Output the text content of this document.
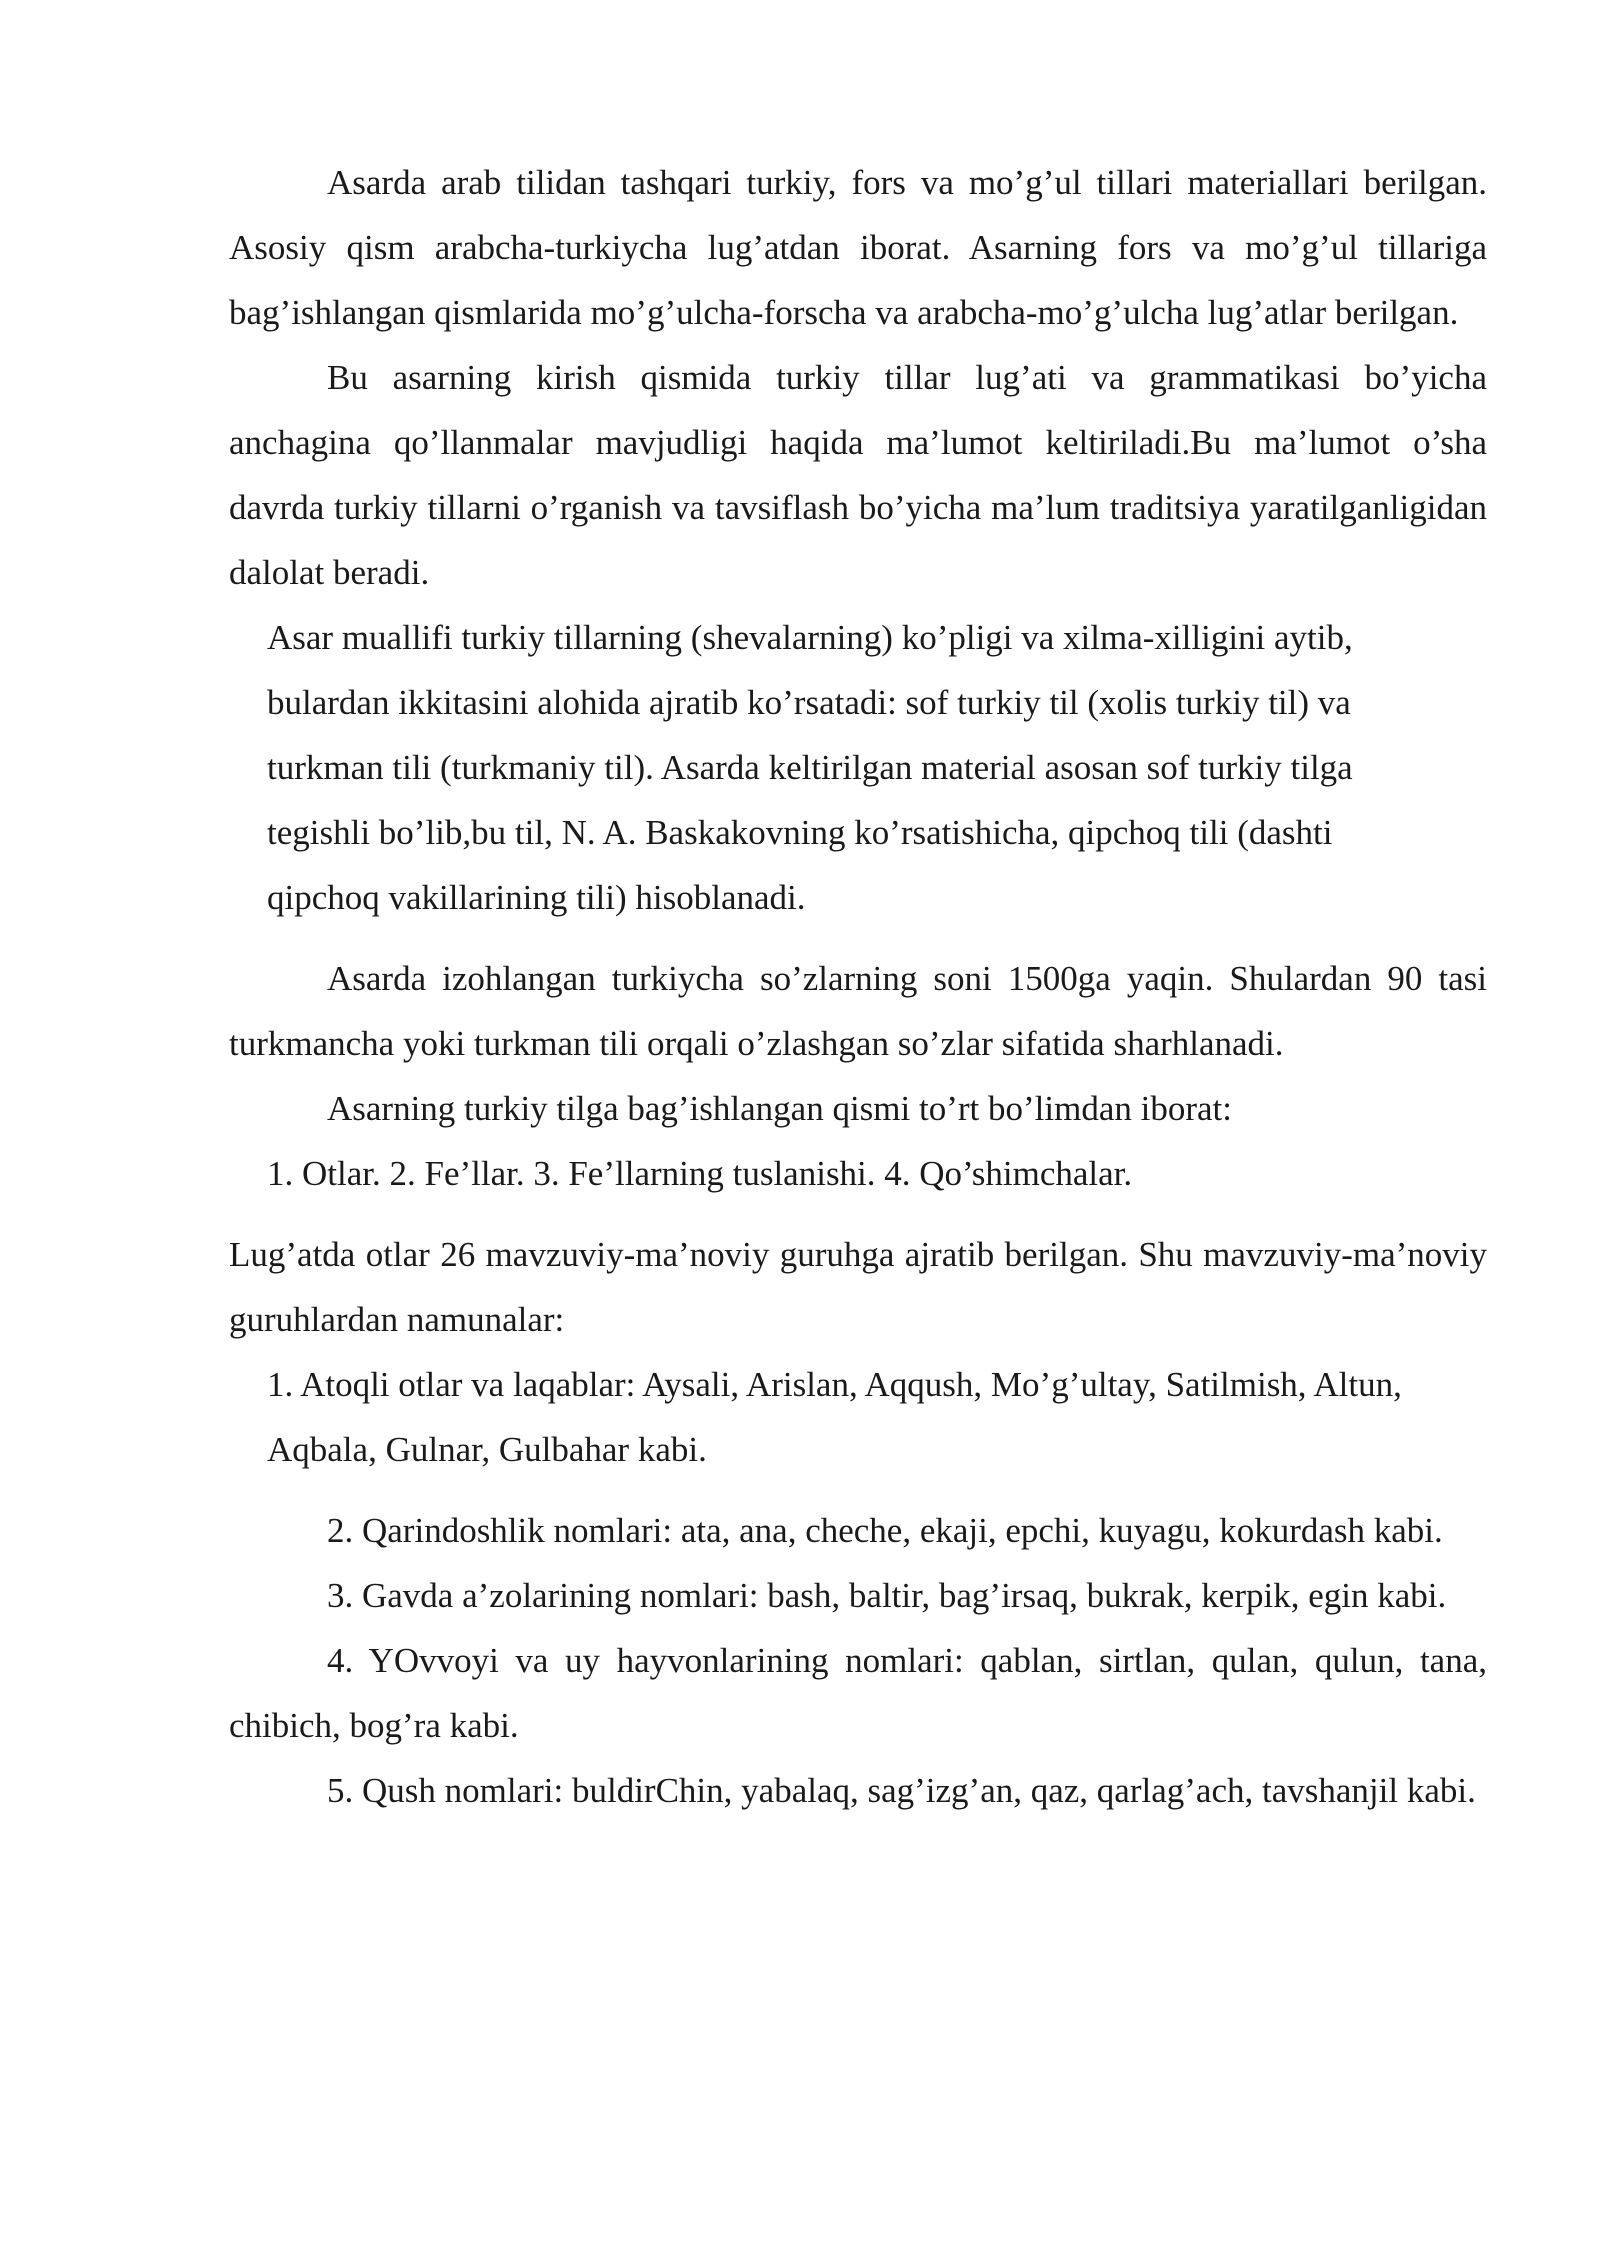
Asarda arab tilidan tashqari turkiy, fors va mo’g’ul tillari materiallari berilgan. Asosiy qism arabcha-turkiycha lug’atdan iborat. Asarning fors va mo’g’ul tillariga bag’ishlangan qismlarida mo’g’ulcha-forscha va arabcha-mo’g’ulcha lug’atlar berilgan.

Bu asarning kirish qismida turkiy tillar lug’ati va grammatikasi bo’yicha anchagina qo’llanmalar mavjudligi haqida ma’lumot keltiriladi.Bu ma’lumot o’sha davrda turkiy tillarni o’rganish va tavsiflash bo’yicha ma’lum traditsiya yaratilganligidan dalolat beradi.

Asar muallifi turkiy tillarning (shevalarning) ko’pligi va xilma-xilligini aytib, bulardan ikkitasini alohida ajratib ko’rsatadi: sof turkiy til (xolis turkiy til) va turkman tili (turkmaniy til). Asarda keltirilgan material asosan sof turkiy tilga tegishli bo’lib,bu til, N. A. Baskakovning ko’rsatishicha, qipchoq tili (dashti qipchoq vakillarining tili) hisoblanadi.

Asarda izohlangan turkiycha so’zlarning soni 1500ga yaqin. Shulardan 90 tasi turkmancha yoki turkman tili orqali o’zlashgan so’zlar sifatida sharhlanadi.

Asarning turkiy tilga bag’ishlangan qismi to’rt bo’limdan iborat:

1. Otlar. 2. Fe’llar. 3. Fe’llarning tuslanishi. 4. Qo’shimchalar.

Lug’atda otlar 26 mavzuviy-ma’noviy guruhga ajratib berilgan. Shu mavzuviy-ma’noviy guruhlardan namunalar:

1. Atoqli otlar va laqablar: Aysali, Arislan, Aqqush, Mo’g’ultay, Satilmish, Altun, Aqbala, Gulnar, Gulbahar kabi.

2. Qarindoshlik nomlari: ata, ana, cheche, ekaji, epchi, kuyagu, kokurdash kabi.

3. Gavda a’zolarining nomlari: bash, baltir, bag’irsaq, bukrak, kerpik, egin kabi.

4. YOvvoyi va uy hayvonlarining nomlari: qablan, sirtlan, qulan, qulun, tana, chibich, bog’ra kabi.

5. Qush nomlari: buldirChin, yabalaq, sag’izg’an, qaz, qarlag’ach, tavshanjil kabi.
